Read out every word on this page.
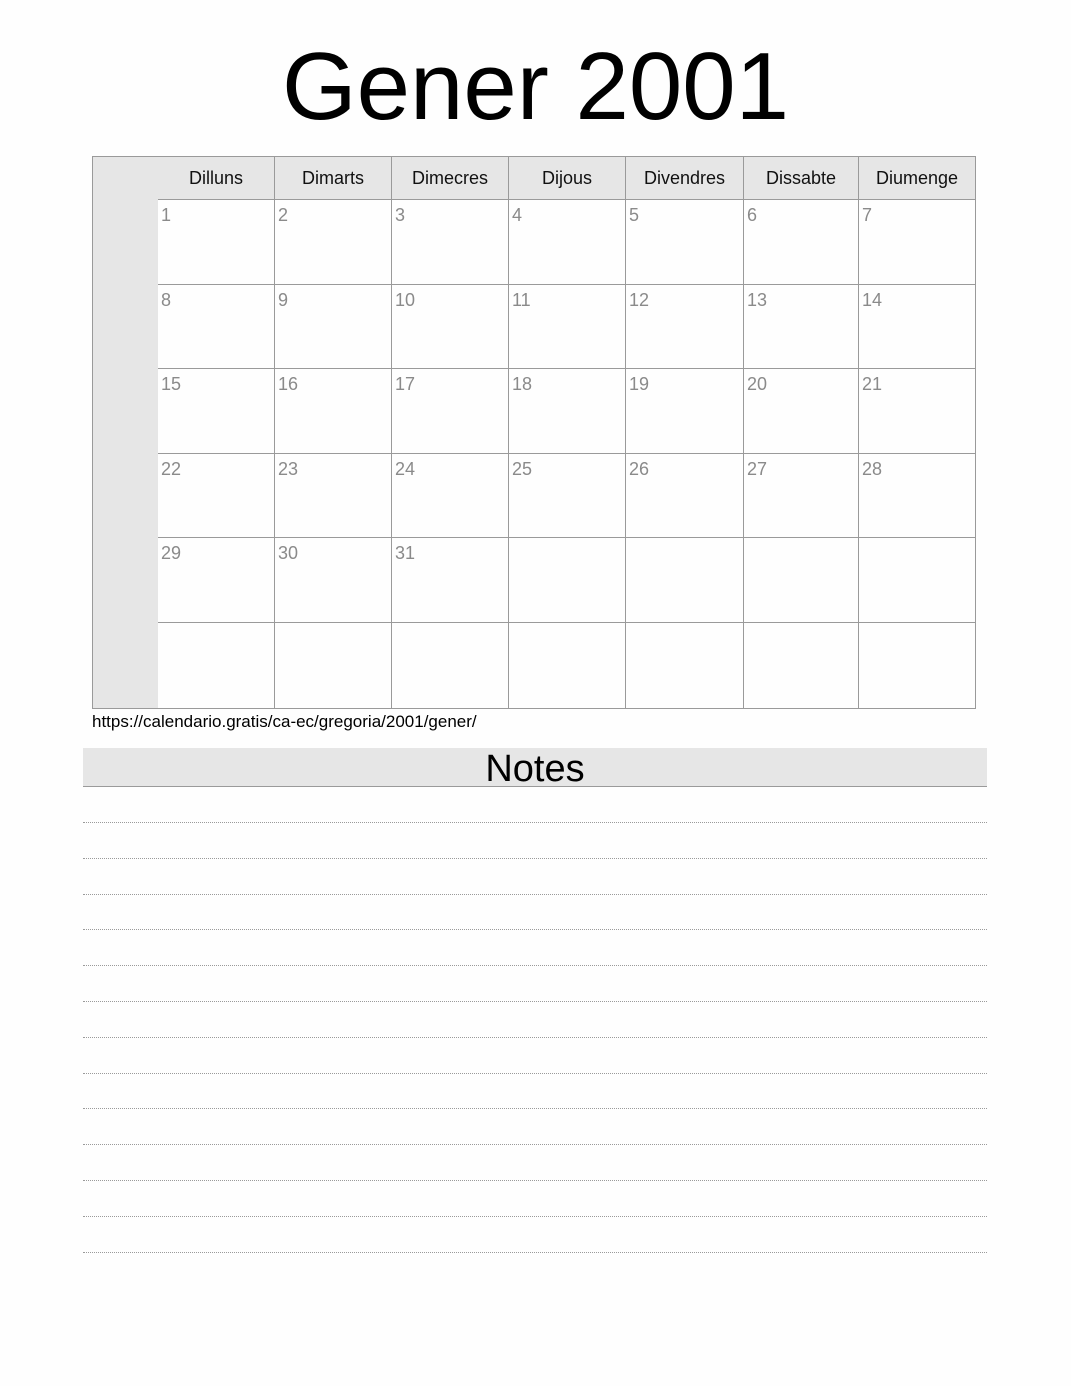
Gener 2001
Dilluns	Dimarts	Dimecres	Dijous	Divendres	Dissabte	Diumenge
1	2	3	4	5	6	7
8	9	10	11	12	13	14
15	16	17	18	19	20	21
22	23	24	25	26	27	28
29	30	31
https://calendario.gratis/ca-ec/gregoria/2001/gener/
Notes
